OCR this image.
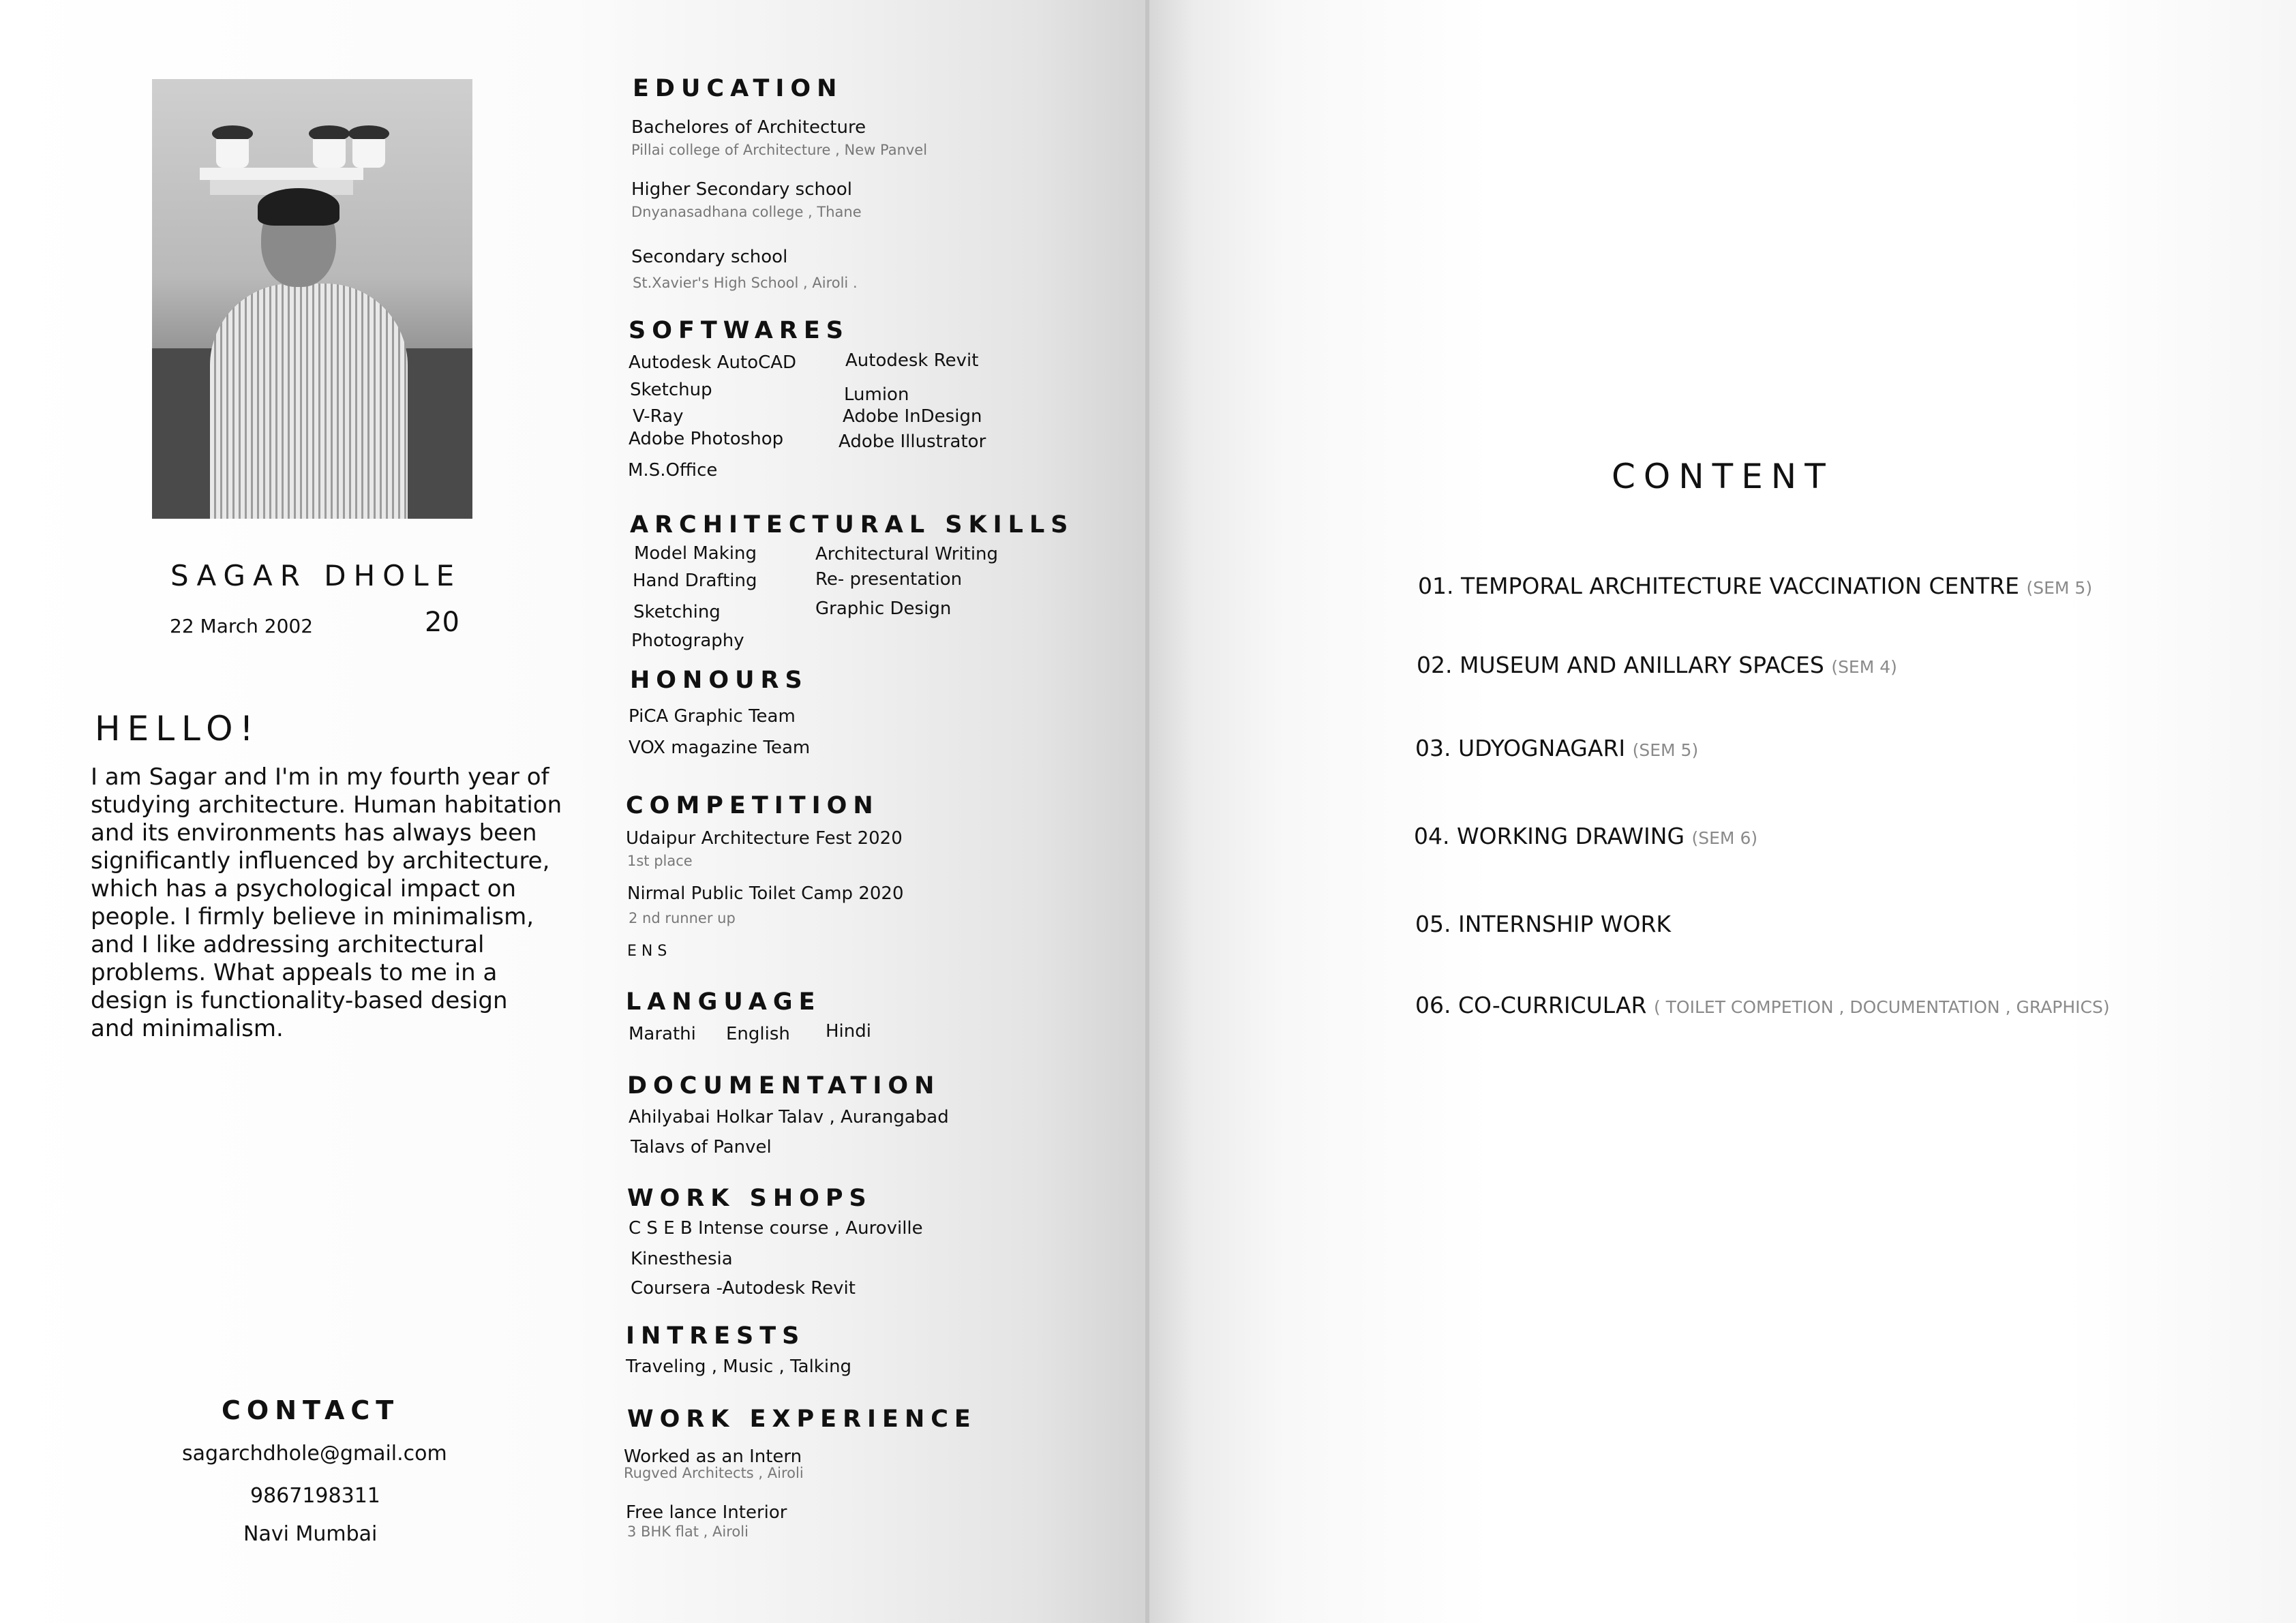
SAGAR DHOLE
22 March 2002	20
HELLO!
I am Sagar and I'm in my fourth year of
studying architecture. Human habitation
and its environments has always been
significantly influenced by architecture,
which has a psychological impact on
people. I firmly believe in minimalism,
and I like addressing architectural
problems. What appeals to me in a
design is functionality-based design
and minimalism.
CONTACT
sagarchdhole@gmail.com
9867198311
Navi Mumbai
EDUCATION
Bachelores of Architecture
Pillai college of Architecture , New Panvel
Higher Secondary school
Dnyanasadhana college , Thane
Secondary school
St.Xavier's High School , Airoli .
SOFTWARES
Autodesk AutoCAD	Autodesk Revit
Sketchup	Lumion
V-Ray	Adobe InDesign
Adobe Photoshop	Adobe Illustrator
M.S.Office
ARCHITECTURAL SKILLS
Model Making	Architectural Writing
Hand Drafting	Re- presentation
Sketching	Graphic Design
Photography
HONOURS
PiCA Graphic Team
VOX magazine Team
COMPETITION
Udaipur Architecture Fest 2020
1st place
Nirmal Public Toilet Camp 2020
2 nd runner up
E N S
LANGUAGE
Marathi English Hindi
DOCUMENTATION
Ahilyabai Holkar Talav , Aurangabad
Talavs of Panvel
WORK SHOPS
C S E B Intense course , Auroville
Kinesthesia
Coursera -Autodesk Revit
INTRESTS
Traveling , Music , Talking
WORK EXPERIENCE
Worked as an Intern
Rugved Architects , Airoli
Free lance Interior
3 BHK flat , Airoli
CONTENT
01. TEMPORAL ARCHITECTURE VACCINATION CENTRE (SEM 5)
02. MUSEUM AND ANILLARY SPACES (SEM 4)
03. UDYOGNAGARI (SEM 5)
04. WORKING DRAWING (SEM 6)
05. INTERNSHIP WORK
06. CO-CURRICULAR ( TOILET COMPETION , DOCUMENTATION , GRAPHICS)
